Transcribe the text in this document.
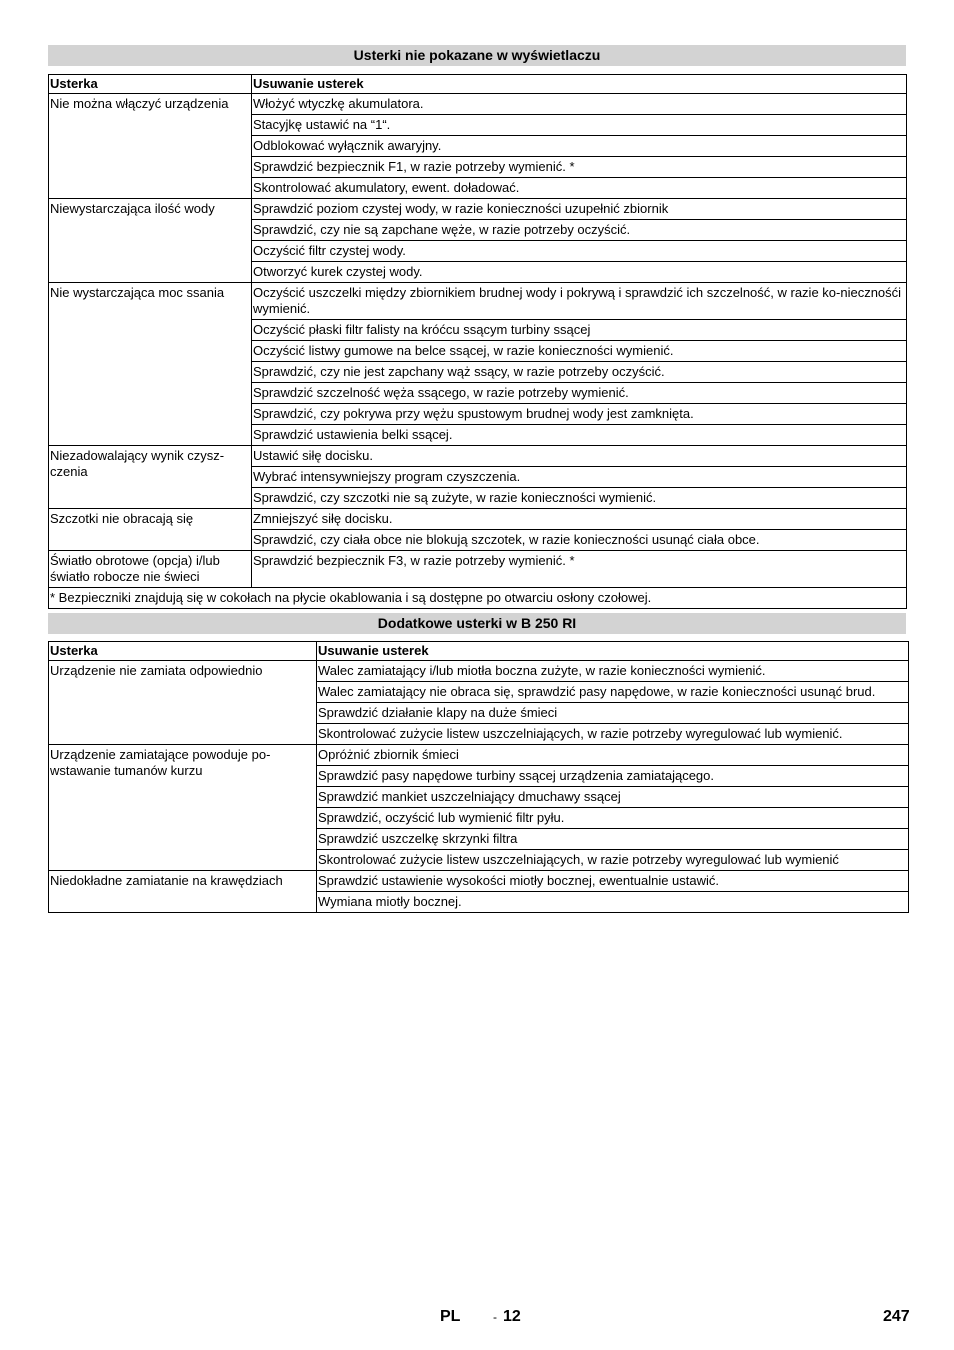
Usterki nie pokazane w wyświetlaczu
Usterka	Usuwanie usterek
Nie można włączyć urządzenia	Włożyć wtyczkę akumulatora.
	Stacyjkę ustawić na “1“.
	Odblokować wyłącznik awaryjny.
	Sprawdzić bezpiecznik F1, w razie potrzeby wymienić. *
	Skontrolować akumulatory, ewent. doładować.
Niewystarczająca ilość wody	Sprawdzić poziom czystej wody, w razie konieczności uzupełnić zbiornik
	Sprawdzić, czy nie są zapchane węże, w razie potrzeby oczyścić.
	Oczyścić filtr czystej wody.
	Otworzyć kurek czystej wody.
Nie wystarczająca moc ssania	Oczyścić uszczelki między zbiornikiem brudnej wody i pokrywą i sprawdzić ich szczelność, w razie ko-niecznośći wymienić.
	Oczyścić płaski filtr falisty na króćcu ssącym turbiny ssącej
	Oczyścić listwy gumowe na belce ssącej, w razie konieczności wymienić.
	Sprawdzić, czy nie jest zapchany wąż ssący, w razie potrzeby oczyścić.
	Sprawdzić szczelność węża ssącego, w razie potrzeby wymienić.
	Sprawdzić, czy pokrywa przy wężu spustowym brudnej wody jest zamknięta.
	Sprawdzić ustawienia belki ssącej.
Niezadowalający wynik czysz-czenia	Ustawić siłę docisku.
	Wybrać intensywniejszy program czyszczenia.
	Sprawdzić, czy szczotki nie są zużyte, w razie konieczności wymienić.
Szczotki nie obracają się	Zmniejszyć siłę docisku.
	Sprawdzić, czy ciała obce nie blokują szczotek, w razie konieczności usunąć ciała obce.
Światło obrotowe (opcja) i/lub światło robocze nie świeci	Sprawdzić bezpiecznik F3, w razie potrzeby wymienić. *
* Bezpieczniki znajdują się w cokołach na płycie okablowania i są dostępne po otwarciu osłony czołowej.	
Dodatkowe usterki w B 250 RI
Usterka	Usuwanie usterek
Urządzenie nie zamiata odpowiednio	Walec zamiatający i/lub miotła boczna zużyte, w razie konieczności wymienić.
	Walec zamiatający nie obraca się, sprawdzić pasy napędowe, w razie konieczności usunąć brud.
	Sprawdzić działanie klapy na duże śmieci
	Skontrolować zużycie listew uszczelniających, w razie potrzeby wyregulować lub wymienić.
Urządzenie zamiatające powoduje po-wstawanie tumanów kurzu	Opróżnić zbiornik śmieci
	Sprawdzić pasy napędowe turbiny ssącej urządzenia zamiatającego.
	Sprawdzić mankiet uszczelniający dmuchawy ssącej
	Sprawdzić, oczyścić lub wymienić filtr pyłu.
	Sprawdzić uszczelkę skrzynki filtra
	Skontrolować zużycie listew uszczelniających, w razie potrzeby wyregulować lub wymienić
Niedokładne zamiatanie na krawędziach	Sprawdzić ustawienie wysokości miotły bocznej, ewentualnie ustawić.
	Wymiana miotły bocznej.
PL	- 12	247
